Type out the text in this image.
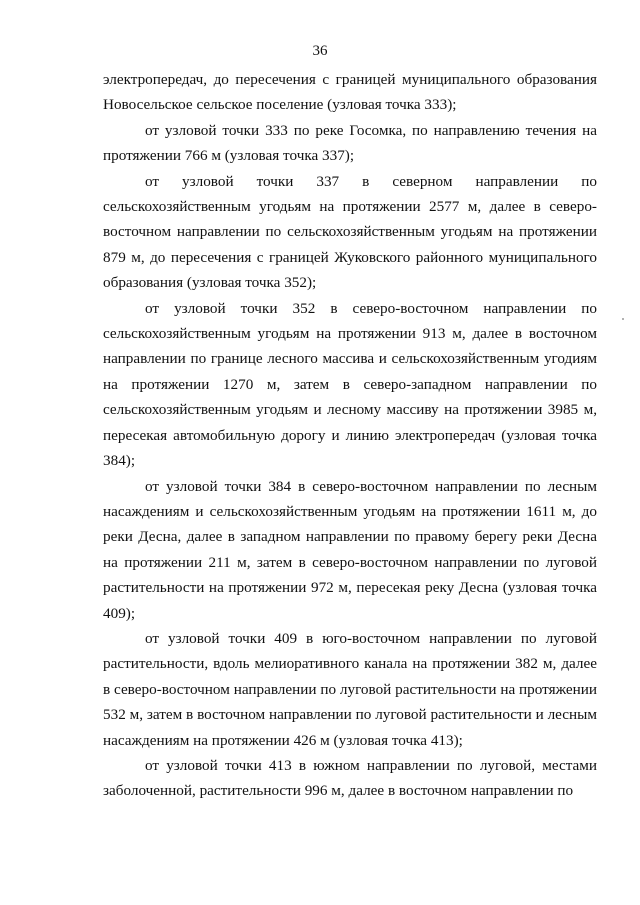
36

электропередач, до пересечения с границей муниципального образования Новосельское сельское поселение (узловая точка 333);

от узловой точки 333 по реке Госомка, по направлению течения на протяжении 766 м (узловая точка 337);

от узловой точки 337 в северном направлении по сельскохозяйственным угодьям на протяжении 2577 м, далее в северо-восточном направлении по сельскохозяйственным угодьям на протяжении 879 м, до пересечения с границей Жуковского районного муниципального образования (узловая точка 352);

от узловой точки 352 в северо-восточном направлении по сельскохозяйственным угодьям на протяжении 913 м, далее в восточном направлении по границе лесного массива и сельскохозяйственным угодиям на протяжении 1270 м, затем в северо-западном направлении по сельскохозяйственным угодьям и лесному массиву на протяжении 3985 м, пересекая автомобильную дорогу и линию электропередач (узловая точка 384);

от узловой точки 384 в северо-восточном направлении по лесным насаждениям и сельскохозяйственным угодьям на протяжении 1611 м, до реки Десна, далее в западном направлении по правому берегу реки Десна на протяжении 211 м, затем в северо-восточном направлении по луговой растительности на протяжении 972 м, пересекая реку Десна (узловая точка 409);

от узловой точки 409 в юго-восточном направлении по луговой растительности, вдоль мелиоративного канала на протяжении 382 м, далее в северо-восточном направлении по луговой растительности на протяжении 532 м, затем в восточном направлении по луговой растительности и лесным насаждениям на протяжении 426 м (узловая точка 413);

от узловой точки 413 в южном направлении по луговой, местами заболоченной, растительности 996 м, далее в восточном направлении по
